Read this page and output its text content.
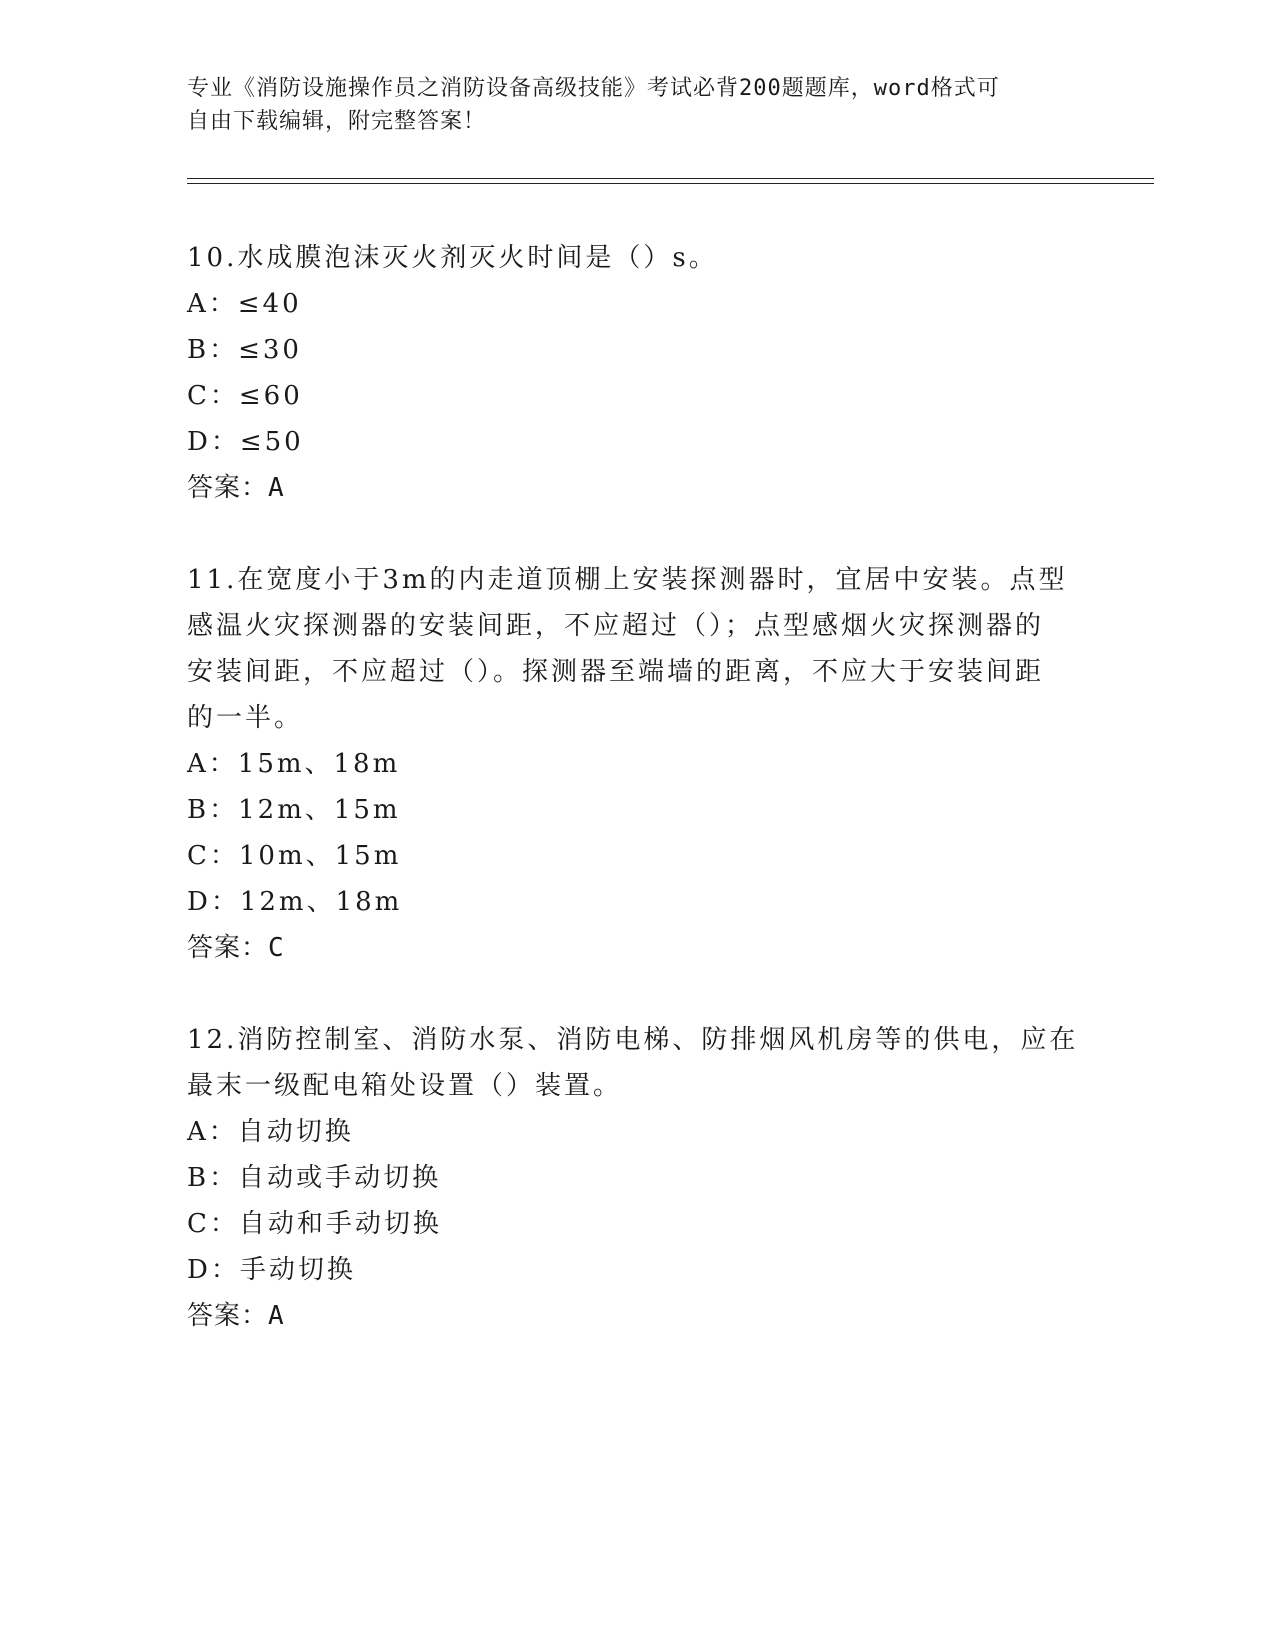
专业《消防设施操作员之消防设备高级技能》考试必背200题题库，word格式可
自由下载编辑，附完整答案！
10.水成膜泡沫灭火剂灭火时间是（）s。
A：≤40
B：≤30
C：≤60
D：≤50
答案：A
11.在宽度小于3m的内走道顶棚上安装探测器时，宜居中安装。点型
感温火灾探测器的安装间距，不应超过（）；点型感烟火灾探测器的
安装间距，不应超过（）。探测器至端墙的距离，不应大于安装间距
的一半。
A：15m、18m
B：12m、15m
C：10m、15m
D：12m、18m
答案：C
12.消防控制室、消防水泵、消防电梯、防排烟风机房等的供电，应在
最末一级配电箱处设置（）装置。
A：自动切换
B：自动或手动切换
C：自动和手动切换
D：手动切换
答案：A
